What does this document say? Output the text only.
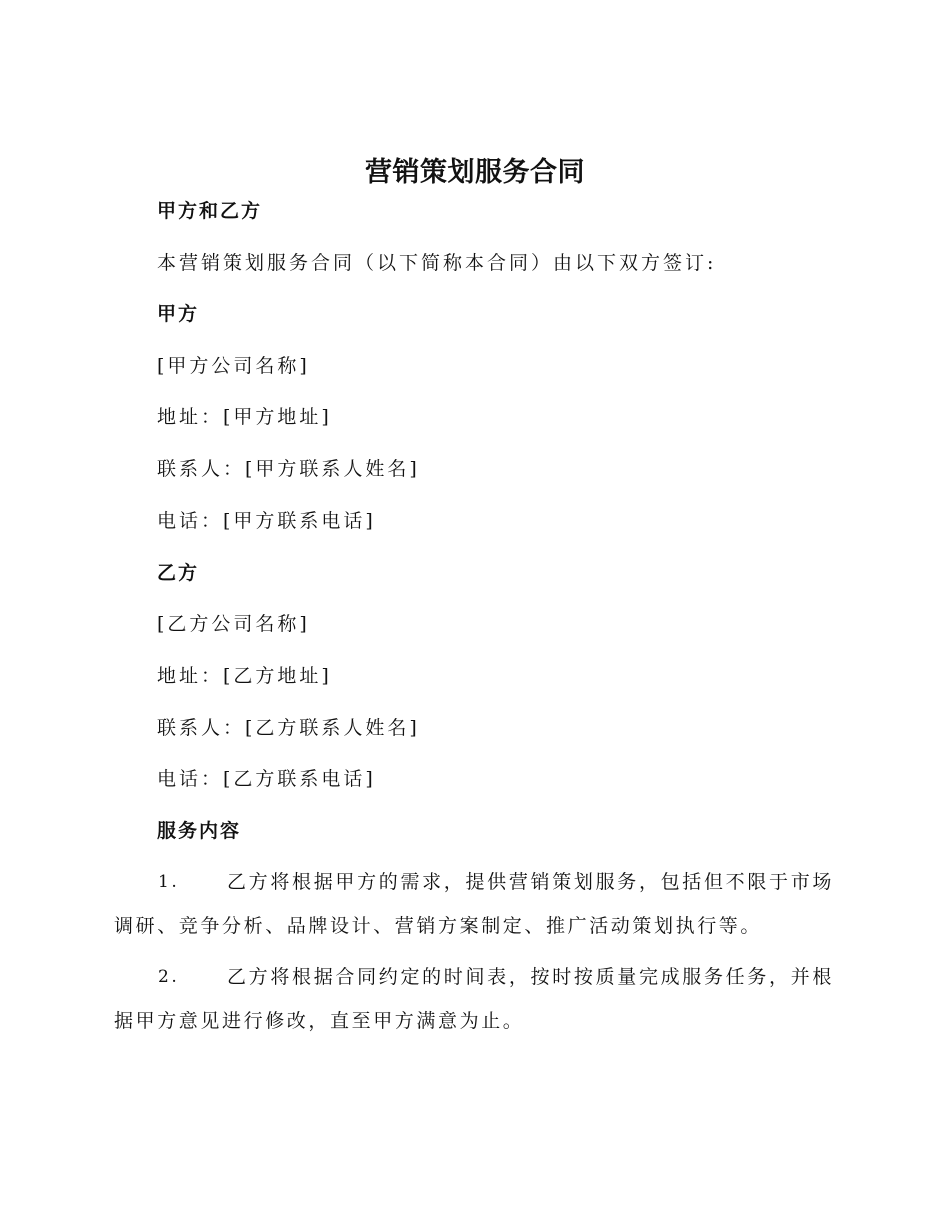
营销策划服务合同
甲方和乙方
本营销策划服务合同（以下简称本合同）由以下双方签订:
甲方
[甲方公司名称]
地址：[甲方地址]
联系人：[甲方联系人姓名]
电话：[甲方联系电话]
乙方
[乙方公司名称]
地址：[乙方地址]
联系人：[乙方联系人姓名]
电话：[乙方联系电话]
服务内容
1.	乙方将根据甲方的需求，提供营销策划服务，包括但不限于市场调研、竞争分析、品牌设计、营销方案制定、推广活动策划执行等。
2.	乙方将根据合同约定的时间表，按时按质量完成服务任务，并根据甲方意见进行修改，直至甲方满意为止。
